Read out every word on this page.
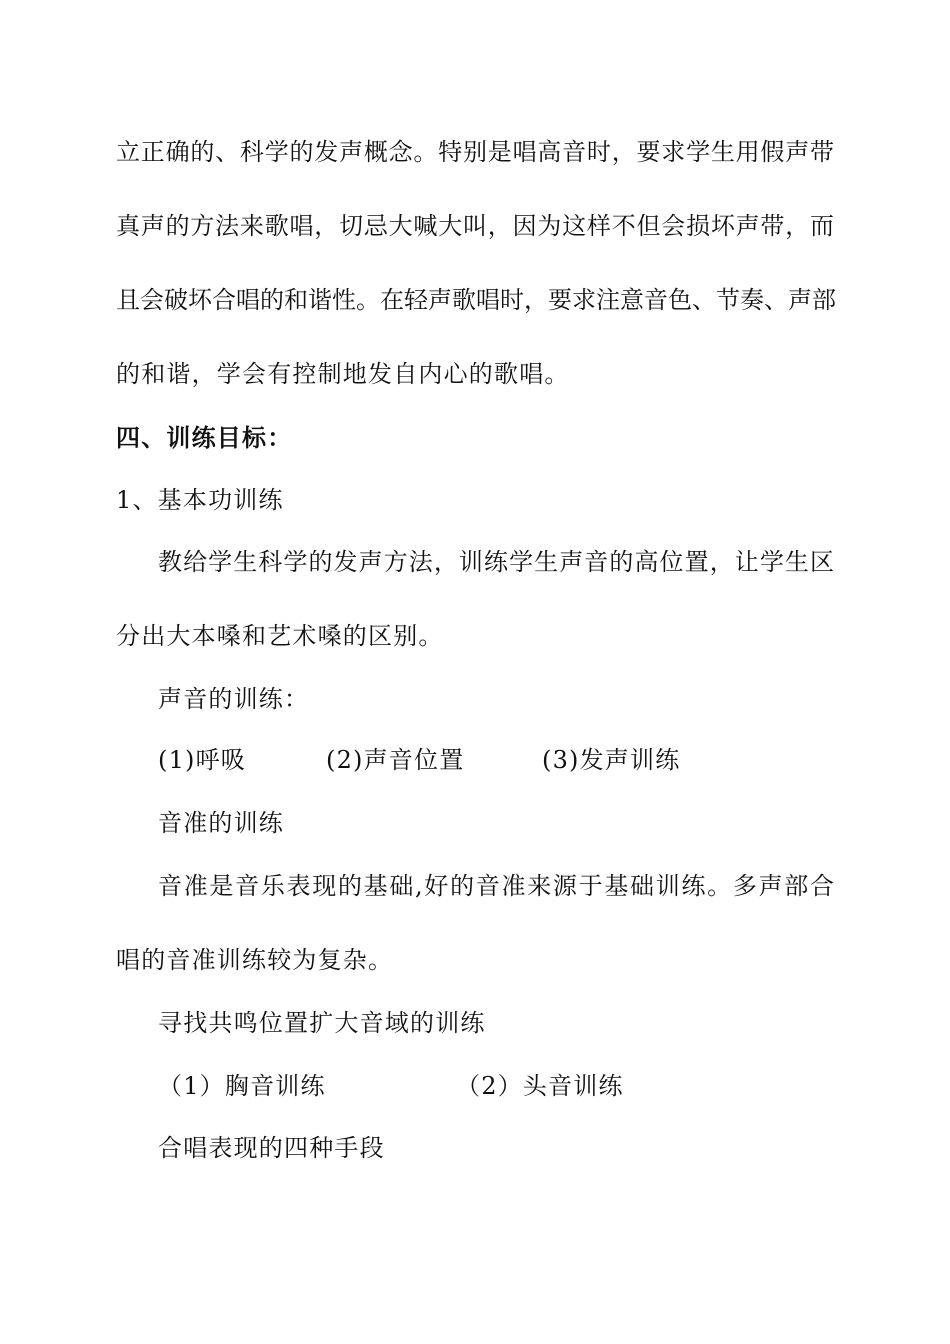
立正确的、科学的发声概念。特别是唱高音时，要求学生用假声带
真声的方法来歌唱，切忌大喊大叫，因为这样不但会损坏声带，而
且会破坏合唱的和谐性。在轻声歌唱时，要求注意音色、节奏、声部
的和谐，学会有控制地发自内心的歌唱。
四、训练目标：
1、基本功训练
教给学生科学的发声方法，训练学生声音的高位置，让学生区
分出大本嗓和艺术嗓的区别。
声音的训练：
(1)呼吸	(2)声音位置	(3)发声训练
音准的训练
音准是音乐表现的基础,好的音准来源于基础训练。多声部合
唱的音准训练较为复杂。
寻找共鸣位置扩大音域的训练
（1）胸音训练	（2）头音训练
合唱表现的四种手段
